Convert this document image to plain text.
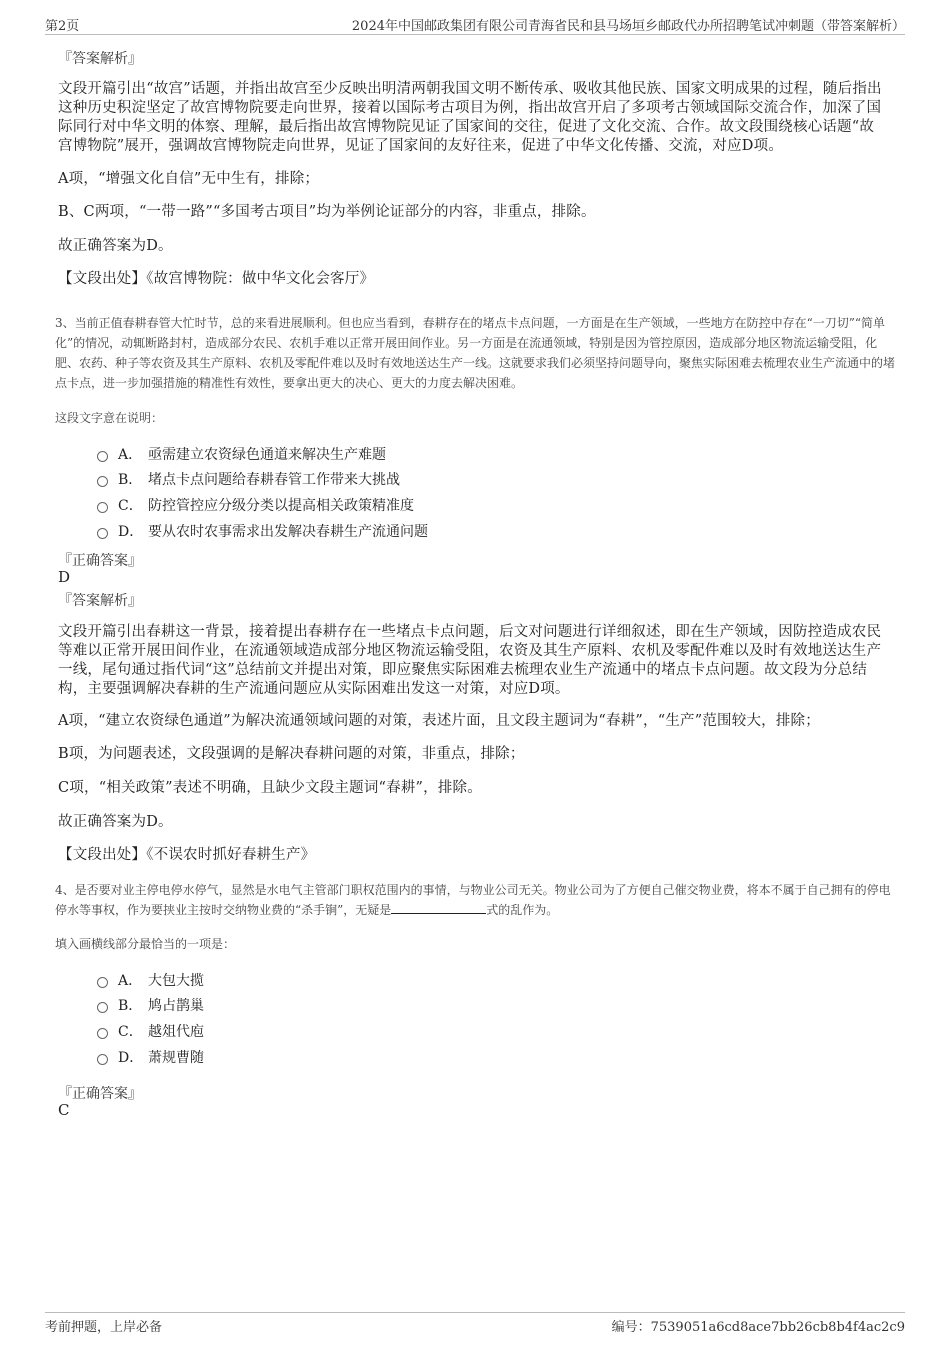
第2页	2024年中国邮政集团有限公司青海省民和县马场垣乡邮政代办所招聘笔试冲刺题（带答案解析）
『答案解析』
文段开篇引出“故宫”话题，并指出故宫至少反映出明清两朝我国文明不断传承、吸收其他民族、国家文明成果的过程，随后指出这种历史积淀坚定了故宫博物院要走向世界，接着以国际考古项目为例，指出故宫开启了多项考古领域国际交流合作，加深了国际同行对中华文明的体察、理解，最后指出故宫博物院见证了国家间的交往，促进了文化交流、合作。故文段围绕核心话题“故宫博物院”展开，强调故宫博物院走向世界，见证了国家间的友好往来，促进了中华文化传播、交流，对应D项。
A项，“增强文化自信”无中生有，排除；
B、C两项，“一带一路”“多国考古项目”均为举例论证部分的内容，非重点，排除。
故正确答案为D。
【文段出处】《故宫博物院：做中华文化会客厅》
3、当前正值春耕春管大忙时节，总的来看进展顺利。但也应当看到，春耕存在的堵点卡点问题，一方面是在生产领域，一些地方在防控中存在“一刀切”“简单化”的情况，动辄断路封村，造成部分农民、农机手难以正常开展田间作业。另一方面是在流通领域，特别是因为管控原因，造成部分地区物流运输受阻，化肥、农药、种子等农资及其生产原料、农机及零配件难以及时有效地送达生产一线。这就要求我们必须坚持问题导向，聚焦实际困难去梳理农业生产流通中的堵点卡点，进一步加强措施的精准性有效性，要拿出更大的决心、更大的力度去解决困难。
这段文字意在说明：
A． 亟需建立农资绿色通道来解决生产难题
B． 堵点卡点问题给春耕春管工作带来大挑战
C． 防控管控应分级分类以提高相关政策精准度
D． 要从农时农事需求出发解决春耕生产流通问题
『正确答案』
D
『答案解析』
文段开篇引出春耕这一背景，接着提出春耕存在一些堵点卡点问题，后文对问题进行详细叙述，即在生产领域，因防控造成农民等难以正常开展田间作业，在流通领域造成部分地区物流运输受阻，农资及其生产原料、农机及零配件难以及时有效地送达生产一线，尾句通过指代词“这”总结前文并提出对策，即应聚焦实际困难去梳理农业生产流通中的堵点卡点问题。故文段为分总结构，主要强调解决春耕的生产流通问题应从实际困难出发这一对策，对应D项。
A项，“建立农资绿色通道”为解决流通领域问题的对策，表述片面，且文段主题词为“春耕”，“生产”范围较大，排除；
B项，为问题表述，文段强调的是解决春耕问题的对策，非重点，排除；
C项，“相关政策”表述不明确，且缺少文段主题词“春耕”，排除。
故正确答案为D。
【文段出处】《不误农时抓好春耕生产》
4、是否要对业主停电停水停气，显然是水电气主管部门职权范围内的事情，与物业公司无关。物业公司为了方便自己催交物业费，将本不属于自己拥有的停电停水等事权，作为要挟业主按时交纳物业费的“杀手锏”，无疑是	式的乱作为。
填入画横线部分最恰当的一项是：
A． 大包大揽
B． 鸠占鹊巢
C． 越俎代庖
D． 萧规曹随
『正确答案』
C
考前押题，上岸必备	编号：7539051a6cd8ace7bb26cb8b4f4ac2c9
